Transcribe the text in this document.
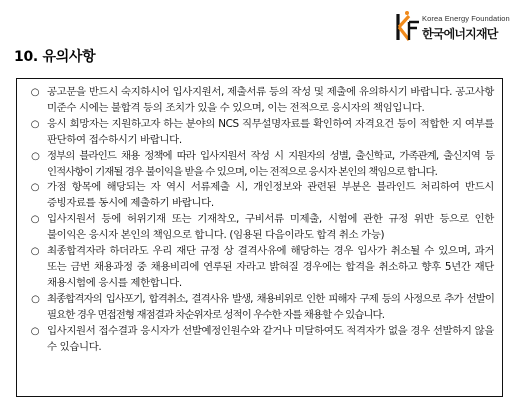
Korea Energy Foundation
한국에너지재단
10. 유의사항
○ 공고문을 반드시 숙지하시어 입사지원서, 제출서류 등의 작성 및 제출에 유의하시기 바랍니다. 공고사항 미준수 시에는 불합격 등의 조치가 있을 수 있으며, 이는 전적으로 응시자의 책임입니다.
○ 응시 희망자는 지원하고자 하는 분야의 NCS 직무설명자료를 확인하여 자격요건 등이 적합한 지 여부를 판단하여 접수하시기 바랍니다.
○ 정부의 블라인드 채용 정책에 따라 입사지원서 작성 시 지원자의 성별, 출신학교, 가족관계, 출신지역 등 인적사항이 기재될 경우 불이익을 받을 수 있으며, 이는 전적으로 응시자 본인의 책임으로 합니다.
○ 가점 항목에 해당되는 자 역시 서류제출 시, 개인정보와 관련된 부분은 블라인드 처리하여 반드시 증빙자료를 동시에 제출하기 바랍니다.
○ 입사지원서 등에 허위기재 또는 기재착오, 구비서류 미제출, 시험에 관한 규정 위반 등으로 인한 불이익은 응시자 본인의 책임으로 합니다. (임용된 다음이라도 합격 취소 가능)
○ 최종합격자라 하더라도 우리 재단 규정 상 결격사유에 해당하는 경우 입사가 취소될 수 있으며, 과거 또는 금번 채용과정 중 채용비리에 연루된 자라고 밝혀질 경우에는 합격을 취소하고 향후 5년간 재단 채용시험에 응시를 제한합니다.
○ 최종합격자의 입사포기, 합격취소, 결격사유 발생, 채용비위로 인한 피해자 구제 등의 사정으로 추가 선발이 필요한 경우 면접전형 재점결과 차순위자로 성적이 우수한 자를 채용할 수 있습니다.
○ 입사지원서 접수결과 응시자가 선발예정인원수와 같거나 미달하여도 적격자가 없을 경우 선발하지 않을 수 있습니다.
